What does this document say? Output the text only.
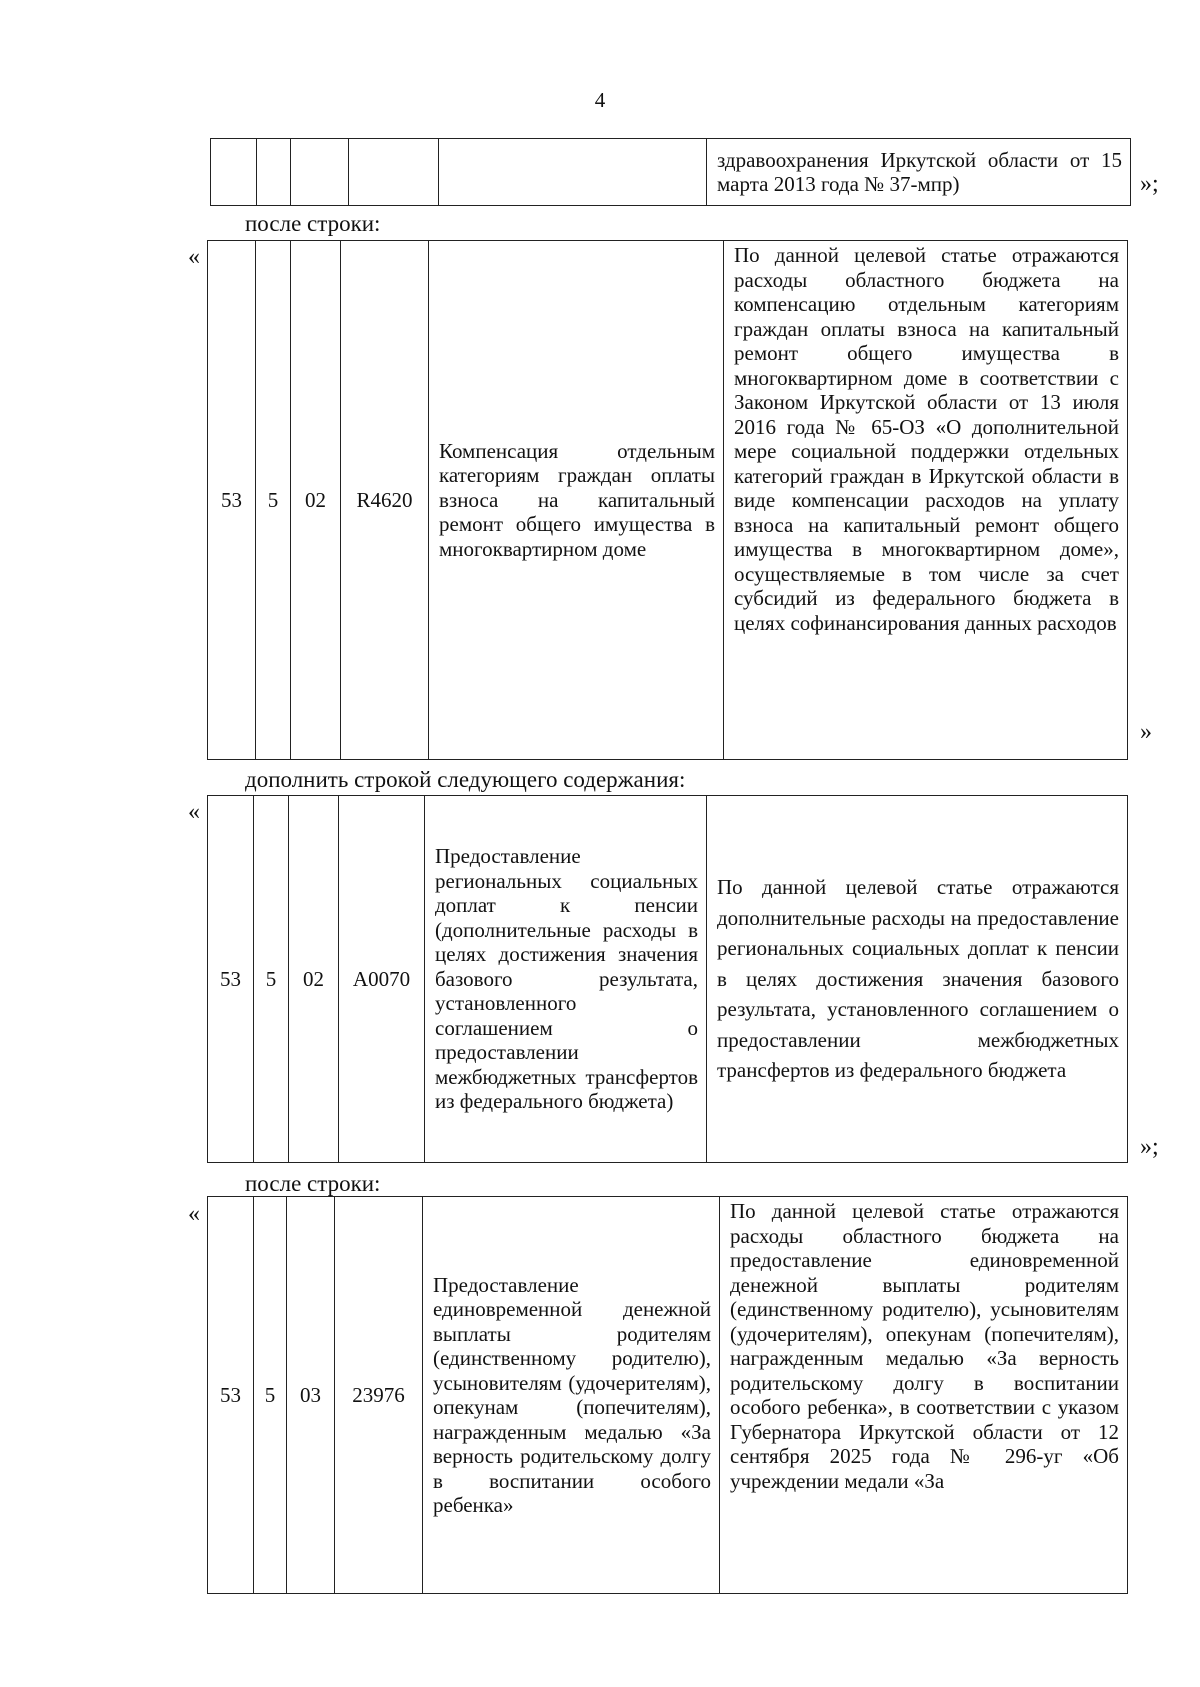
4
					здравоохранения Иркутской области от 15 марта 2013 года № 37-мпр)	»;
после строки:
«
53	5	02	R4620	Компенсация отдельным категориям граждан оплаты взноса на капитальный ремонт общего имущества в многоквартирном доме	По данной целевой статье отражаются расходы областного бюджета на компенсацию отдельным категориям граждан оплаты взноса на капитальный ремонт общего имущества в многоквартирном доме в соответствии с Законом Иркутской области от 13 июля 2016 года № 65-ОЗ «О дополнительной мере социальной поддержки отдельных категорий граждан в Иркутской области в виде компенсации расходов на уплату взноса на капитальный ремонт общего имущества в многоквартирном доме», осуществляемые в том числе за счет субсидий из федерального бюджета в целях софинансирования данных расходов
»
дополнить строкой следующего содержания:
«
53	5	02	A0070	Предоставление региональных социальных доплат к пенсии (дополнительные расходы в целях достижения значения базового результата, установленного соглашением о предоставлении межбюджетных трансфертов из федерального бюджета)	По данной целевой статье отражаются дополнительные расходы на предоставление региональных социальных доплат к пенсии в целях достижения значения базового результата, установленного соглашением о предоставлении межбюджетных трансфертов из федерального бюджета
»;
после строки:
«
53	5	03	23976	Предоставление единовременной денежной выплаты родителям (единственному родителю), усыновителям (удочерителям), опекунам (попечителям), награжденным медалью «За верность родительскому долгу в воспитании особого ребенка»	По данной целевой статье отражаются расходы областного бюджета на предоставление единовременной денежной выплаты родителям (единственному родителю), усыновителям (удочерителям), опекунам (попечителям), награжденным медалью «За верность родительскому долгу в воспитании особого ребенка», в соответствии с указом Губернатора Иркутской области от 12 сентября 2025 года № 296-уг «Об учреждении медали «За
